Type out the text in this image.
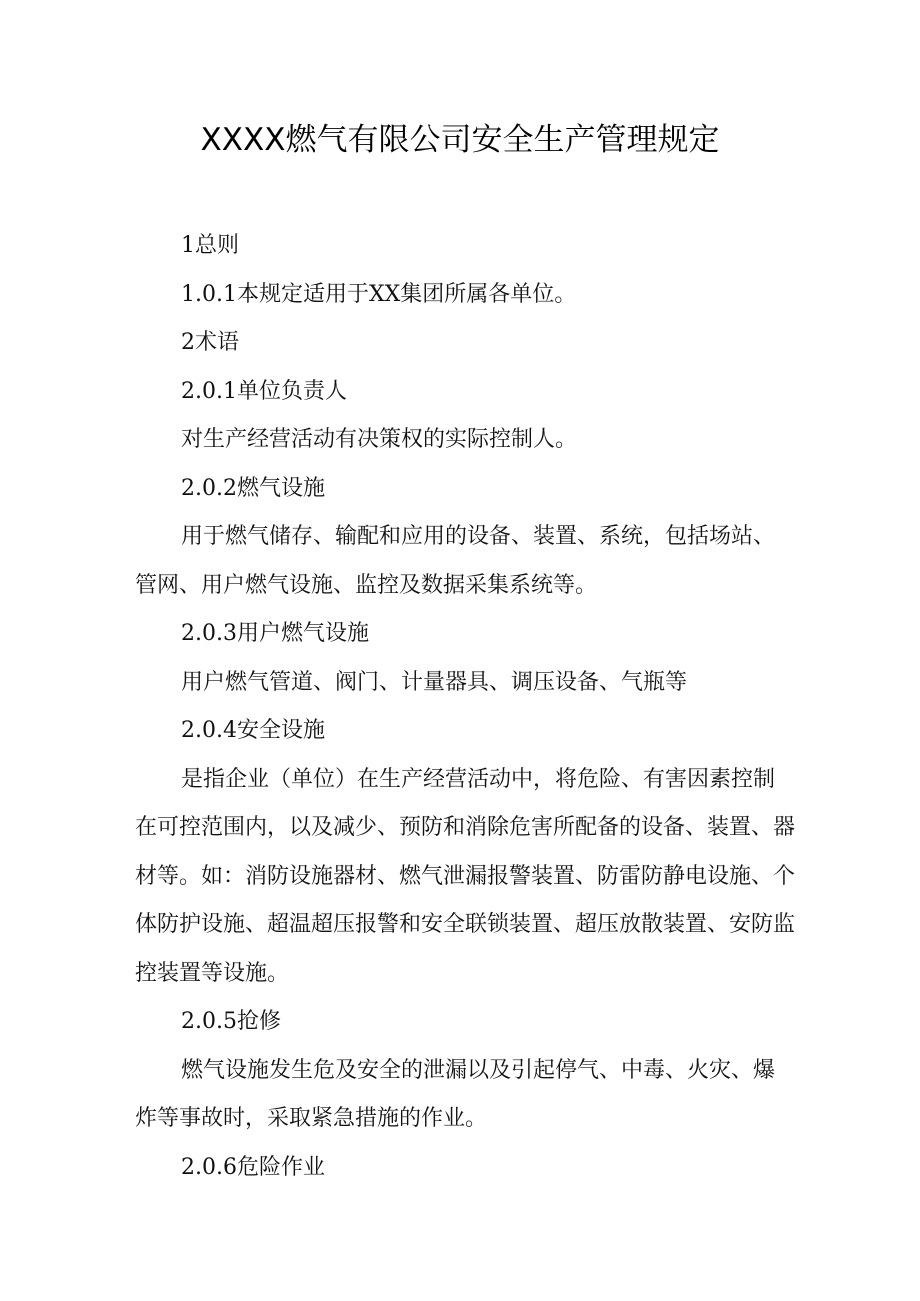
XXXX燃气有限公司安全生产管理规定

1总则

1.0.1本规定适用于XX集团所属各单位。

2术语

2.0.1单位负责人

对生产经营活动有决策权的实际控制人。

2.0.2燃气设施

用于燃气储存、输配和应用的设备、装置、系统，包括场站、管网、用户燃气设施、监控及数据采集系统等。

2.0.3用户燃气设施

用户燃气管道、阀门、计量器具、调压设备、气瓶等

2.0.4安全设施

是指企业（单位）在生产经营活动中，将危险、有害因素控制在可控范围内，以及减少、预防和消除危害所配备的设备、装置、器材等。如：消防设施器材、燃气泄漏报警装置、防雷防静电设施、个体防护设施、超温超压报警和安全联锁装置、超压放散装置、安防监控装置等设施。

2.0.5抢修

燃气设施发生危及安全的泄漏以及引起停气、中毒、火灾、爆炸等事故时，采取紧急措施的作业。

2.0.6危险作业
